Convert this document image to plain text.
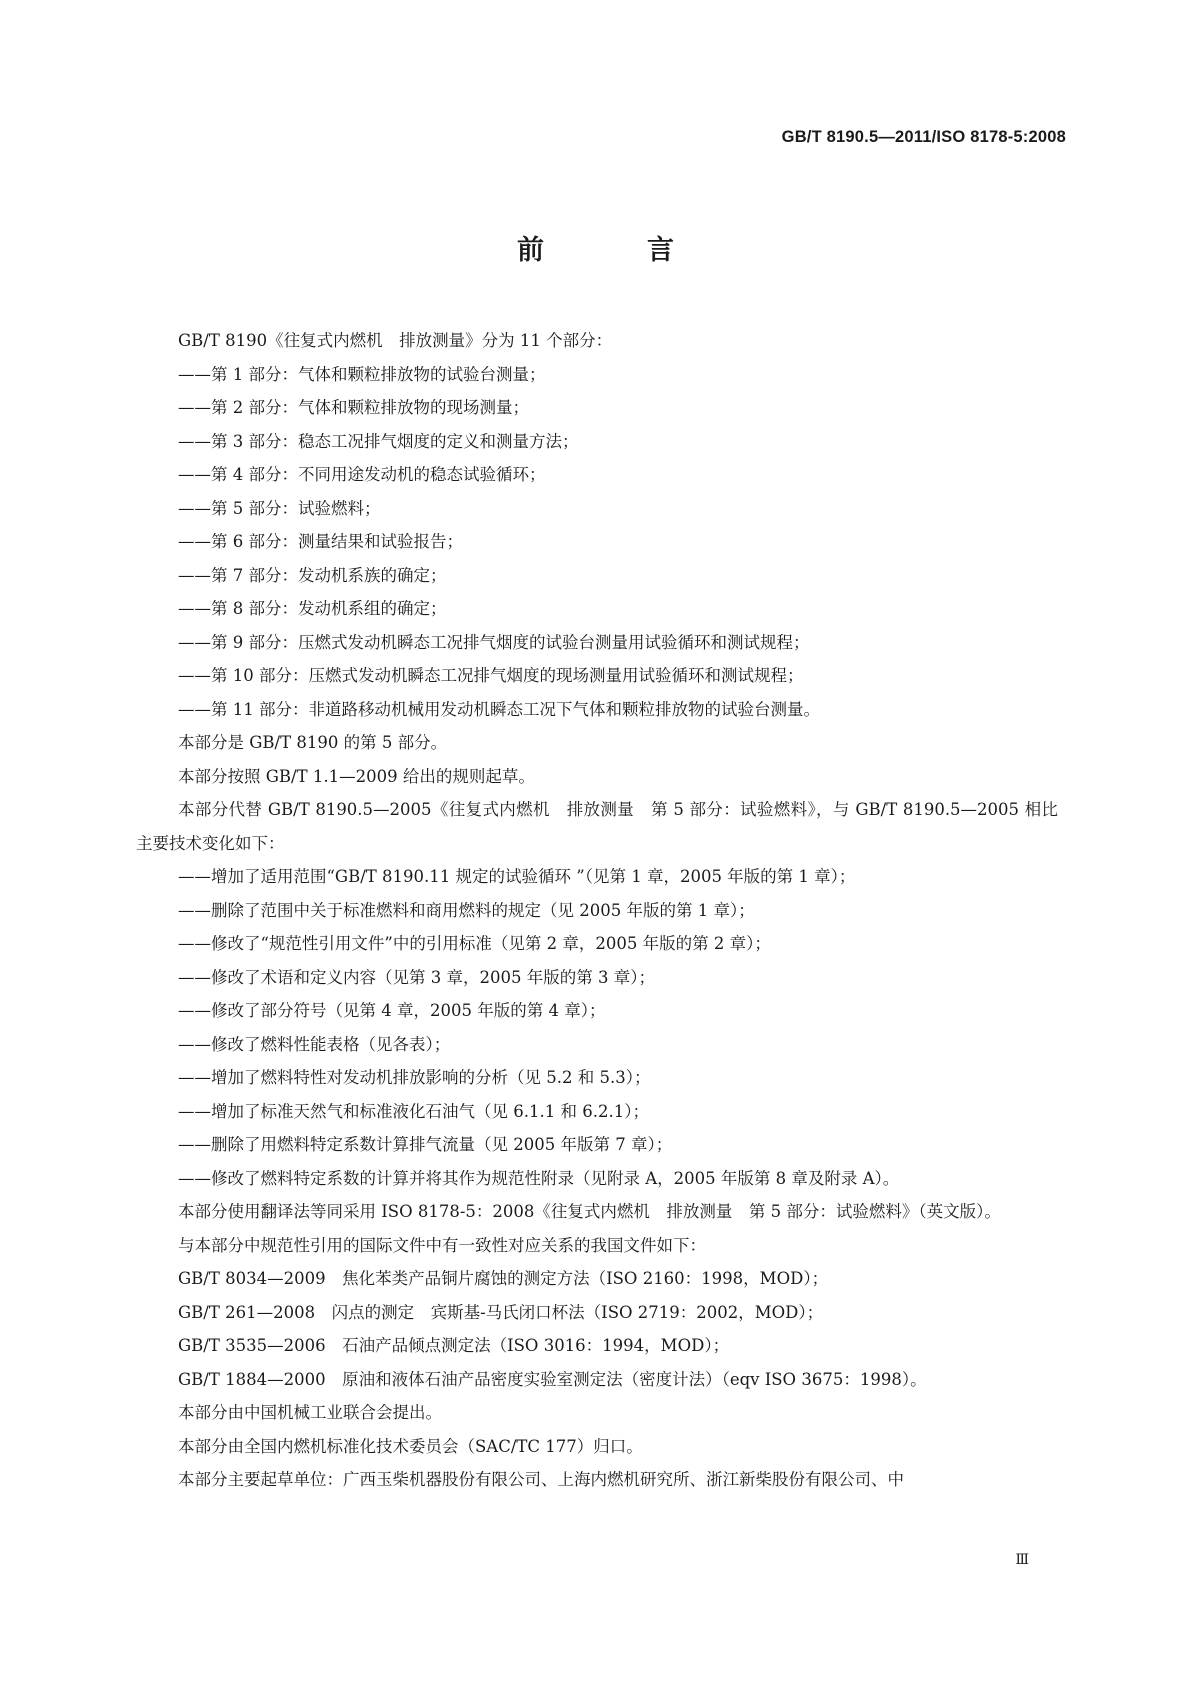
GB/T 8190.5—2011/ISO 8178-5:2008
前　言

GB/T 8190《往复式内燃机　排放测量》分为 11 个部分：

——第 1 部分：气体和颗粒排放物的试验台测量；

——第 2 部分：气体和颗粒排放物的现场测量；

——第 3 部分：稳态工况排气烟度的定义和测量方法；

——第 4 部分：不同用途发动机的稳态试验循环；

——第 5 部分：试验燃料；

——第 6 部分：测量结果和试验报告；

——第 7 部分：发动机系族的确定；

——第 8 部分：发动机系组的确定；

——第 9 部分：压燃式发动机瞬态工况排气烟度的试验台测量用试验循环和测试规程；

——第 10 部分：压燃式发动机瞬态工况排气烟度的现场测量用试验循环和测试规程；

——第 11 部分：非道路移动机械用发动机瞬态工况下气体和颗粒排放物的试验台测量。

本部分是 GB/T 8190 的第 5 部分。

本部分按照 GB/T 1.1—2009 给出的规则起草。

本部分代替 GB/T 8190.5—2005《往复式内燃机　排放测量　第 5 部分：试验燃料》，与 GB/T 8190.5—2005 相比主要技术变化如下：

——增加了适用范围“GB/T 8190.11 规定的试验循环 ”（见第 1 章，2005 年版的第 1 章）；

——删除了范围中关于标准燃料和商用燃料的规定（见 2005 年版的第 1 章）；

——修改了“规范性引用文件”中的引用标准（见第 2 章，2005 年版的第 2 章）；

——修改了术语和定义内容（见第 3 章，2005 年版的第 3 章）；

——修改了部分符号（见第 4 章，2005 年版的第 4 章）；

——修改了燃料性能表格（见各表）；

——增加了燃料特性对发动机排放影响的分析（见 5.2 和 5.3）；

——增加了标准天然气和标准液化石油气（见 6.1.1 和 6.2.1）；

——删除了用燃料特定系数计算排气流量（见 2005 年版第 7 章）；

——修改了燃料特定系数的计算并将其作为规范性附录（见附录 A，2005 年版第 8 章及附录 A）。

本部分使用翻译法等同采用 ISO 8178-5：2008《往复式内燃机　排放测量　第 5 部分：试验燃料》（英文版）。

与本部分中规范性引用的国际文件中有一致性对应关系的我国文件如下：

GB/T 8034—2009　焦化苯类产品铜片腐蚀的测定方法（ISO 2160：1998，MOD）；

GB/T 261—2008　闪点的测定　宾斯基-马氏闭口杯法（ISO 2719：2002，MOD）；

GB/T 3535—2006　石油产品倾点测定法（ISO 3016：1994，MOD）；

GB/T 1884—2000　原油和液体石油产品密度实验室测定法（密度计法）（eqv ISO 3675：1998）。

本部分由中国机械工业联合会提出。

本部分由全国内燃机标准化技术委员会（SAC/TC 177）归口。

本部分主要起草单位：广西玉柴机器股份有限公司、上海内燃机研究所、浙江新柴股份有限公司、中

Ⅲ
